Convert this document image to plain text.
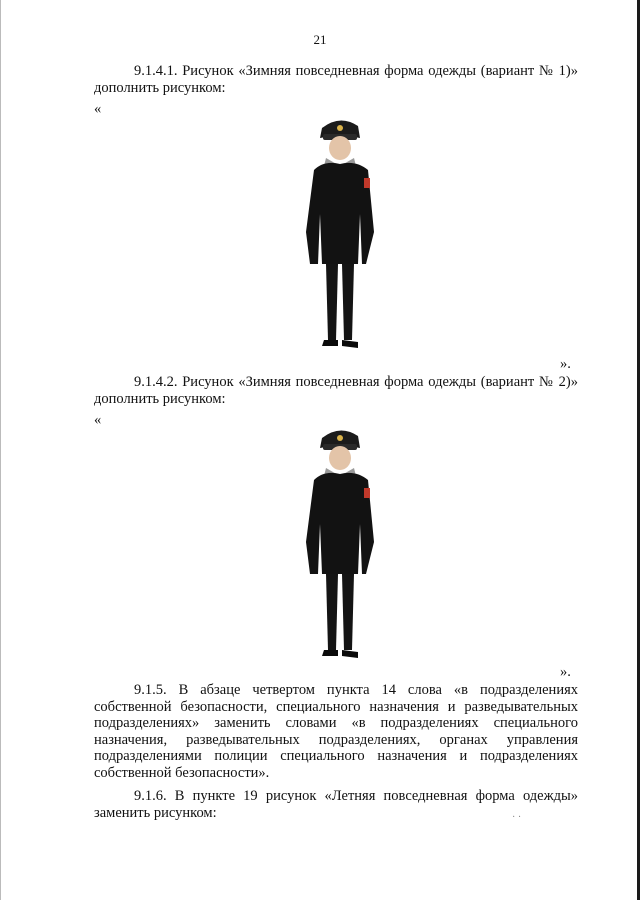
21

9.1.4.1. Рисунок «Зимняя повседневная форма одежды (вариант № 1)» дополнить рисунком:

«
».

9.1.4.2. Рисунок «Зимняя повседневная форма одежды (вариант № 2)» дополнить рисунком:

«
».

9.1.5. В абзаце четвертом пункта 14 слова «в подразделениях собственной безопасности, специального назначения и разведывательных подразделениях» заменить словами «в подразделениях специального назначения, разведывательных подразделениях, органах управления подразделениями полиции специального назначения и подразделениях собственной безопасности».

9.1.6. В пункте 19 рисунок «Летняя повседневная форма одежды» заменить рисунком:	· ·
